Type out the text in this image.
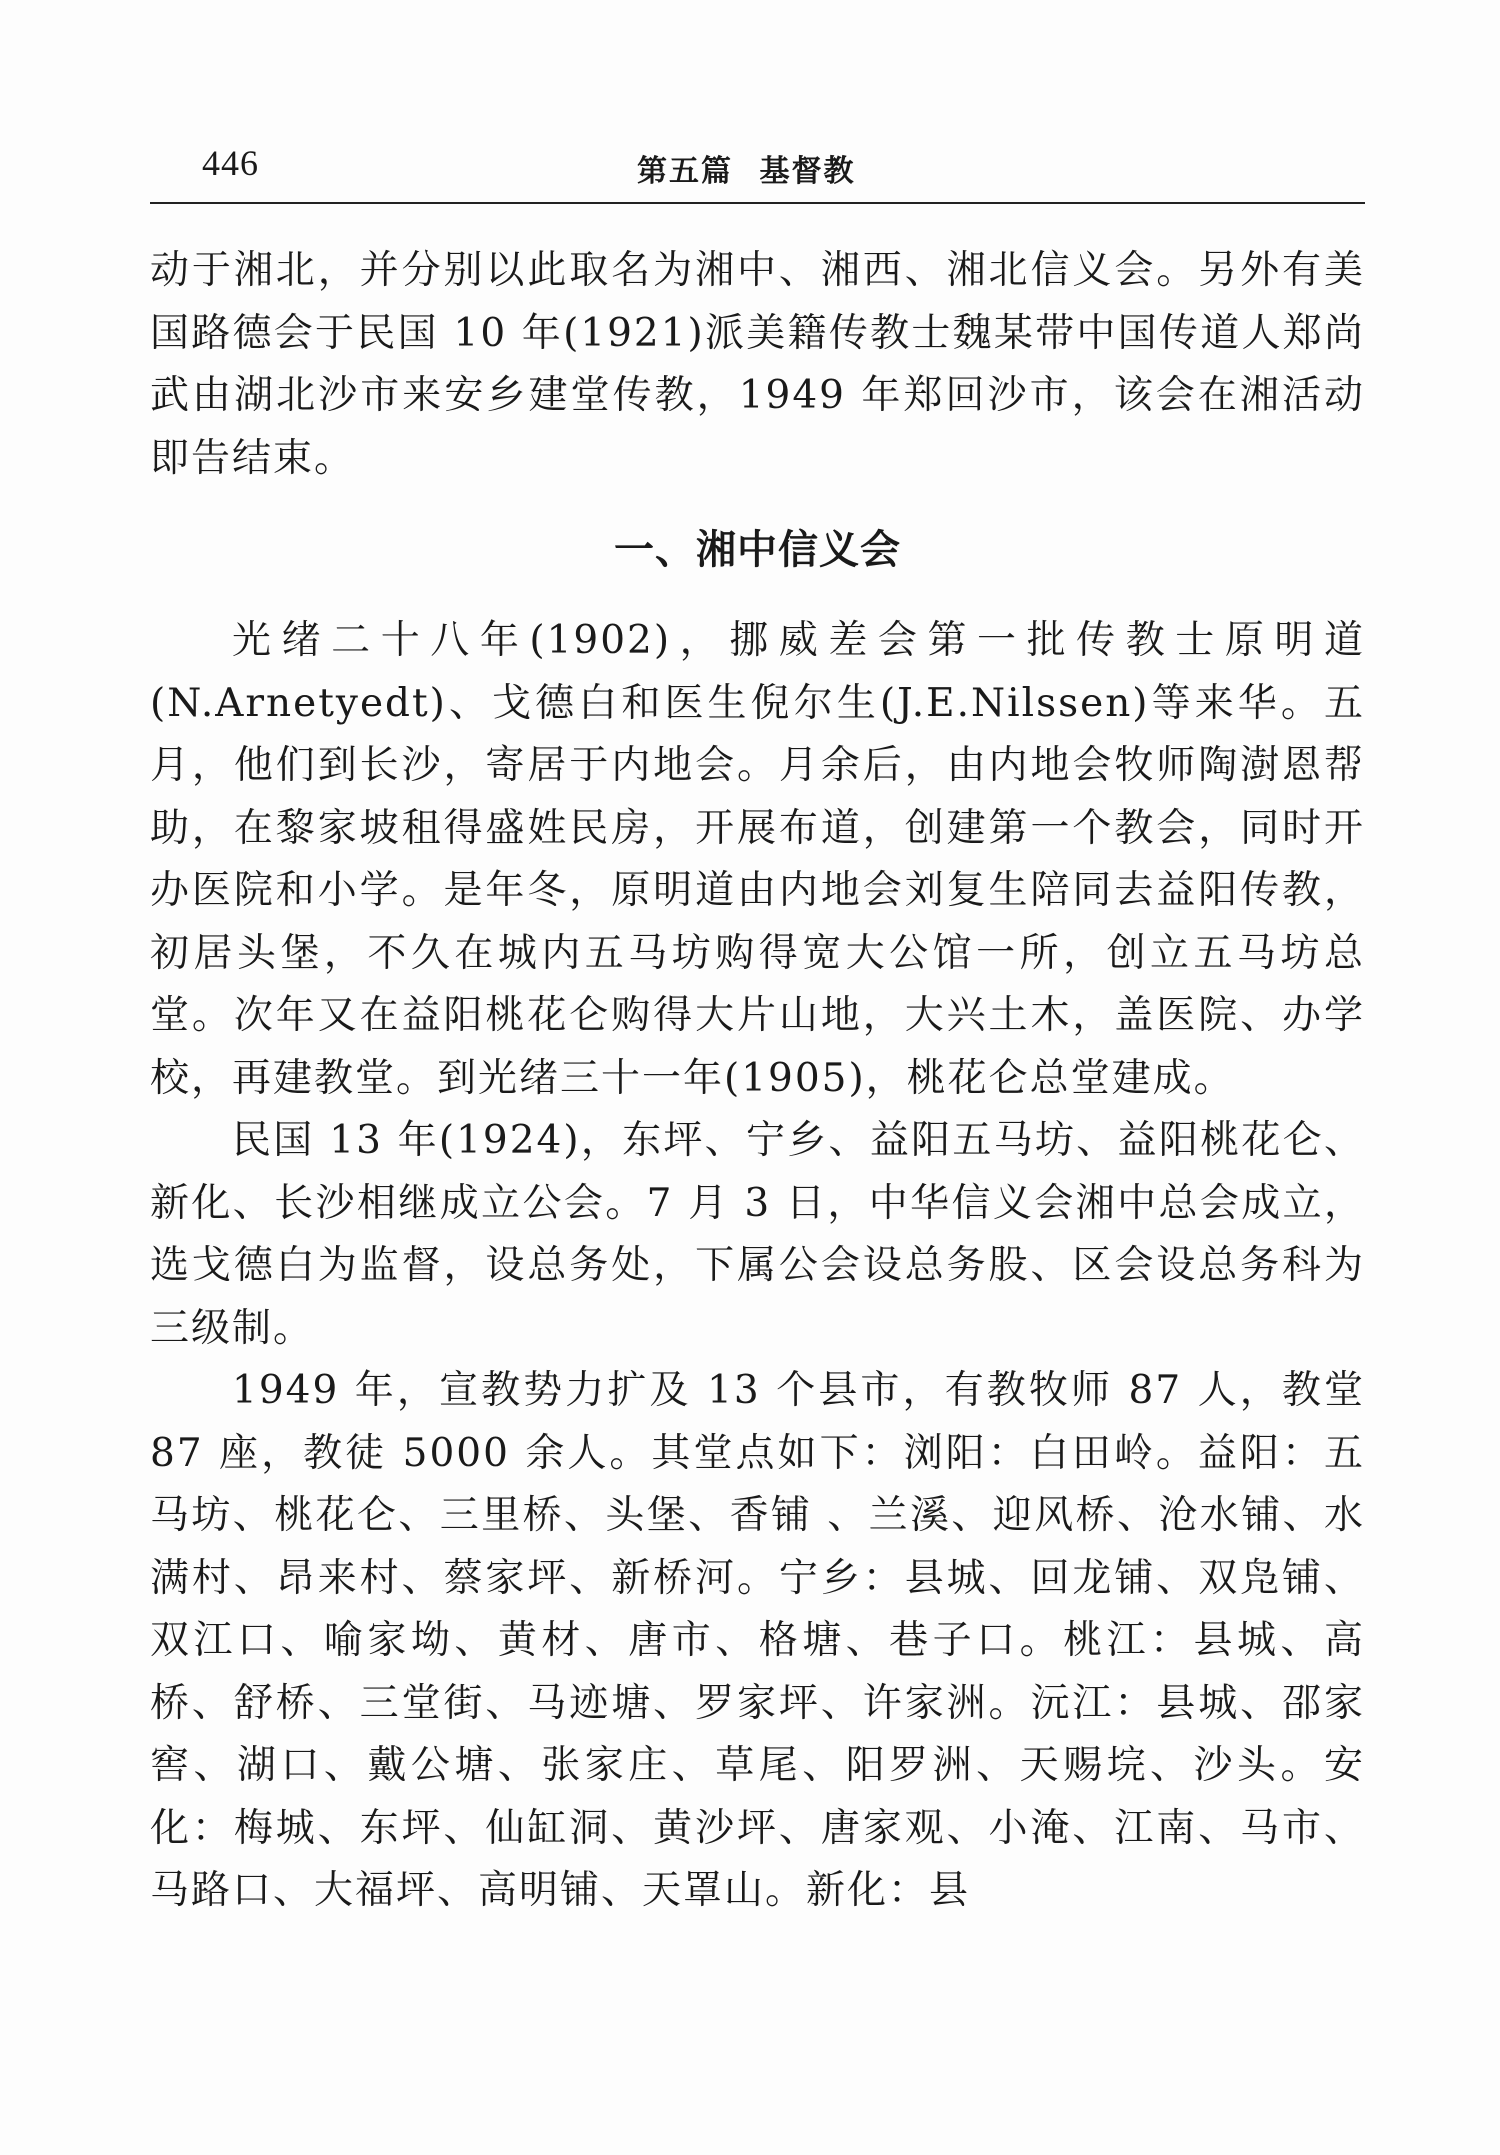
446	第五篇 基督教

动于湘北，并分别以此取名为湘中、湘西、湘北信义会。另外有美国路德会于民国 10 年(1921)派美籍传教士魏某带中国传道人郑尚武由湖北沙市来安乡建堂传教，1949 年郑回沙市，该会在湘活动即告结束。

一、湘中信义会

光绪二十八年(1902)，挪威差会第一批传教士原明道(N.Arnetyedt)、戈德白和医生倪尔生(J.E.Nilssen)等来华。五月，他们到长沙，寄居于内地会。月余后，由内地会牧师陶澍恩帮助，在黎家坡租得盛姓民房，开展布道，创建第一个教会，同时开办医院和小学。是年冬，原明道由内地会刘复生陪同去益阳传教，初居头堡，不久在城内五马坊购得宽大公馆一所，创立五马坊总堂。次年又在益阳桃花仑购得大片山地，大兴土木，盖医院、办学校，再建教堂。到光绪三十一年(1905)，桃花仑总堂建成。

民国 13 年(1924)，东坪、宁乡、益阳五马坊、益阳桃花仑、新化、长沙相继成立公会。7 月 3 日，中华信义会湘中总会成立，选戈德白为监督，设总务处，下属公会设总务股、区会设总务科为三级制。

1949 年，宣教势力扩及 13 个县市，有教牧师 87 人，教堂 87 座，教徒 5000 余人。其堂点如下：浏阳：白田岭。益阳：五马坊、桃花仑、三里桥、头堡、香铺 、兰溪、迎风桥、沧水铺、水满村、昂来村、蔡家坪、新桥河。宁乡：县城、回龙铺、双凫铺、双江口、喻家坳、黄材、唐市、格塘、巷子口。桃江：县城、高桥、舒桥、三堂街、马迹塘、罗家坪、许家洲。沅江：县城、邵家窖、湖口、戴公塘、张家庄、草尾、阳罗洲、天赐垸、沙头。安化：梅城、东坪、仙缸洞、黄沙坪、唐家观、小淹、江南、马市、马路口、大福坪、高明铺、天罩山。新化：县
